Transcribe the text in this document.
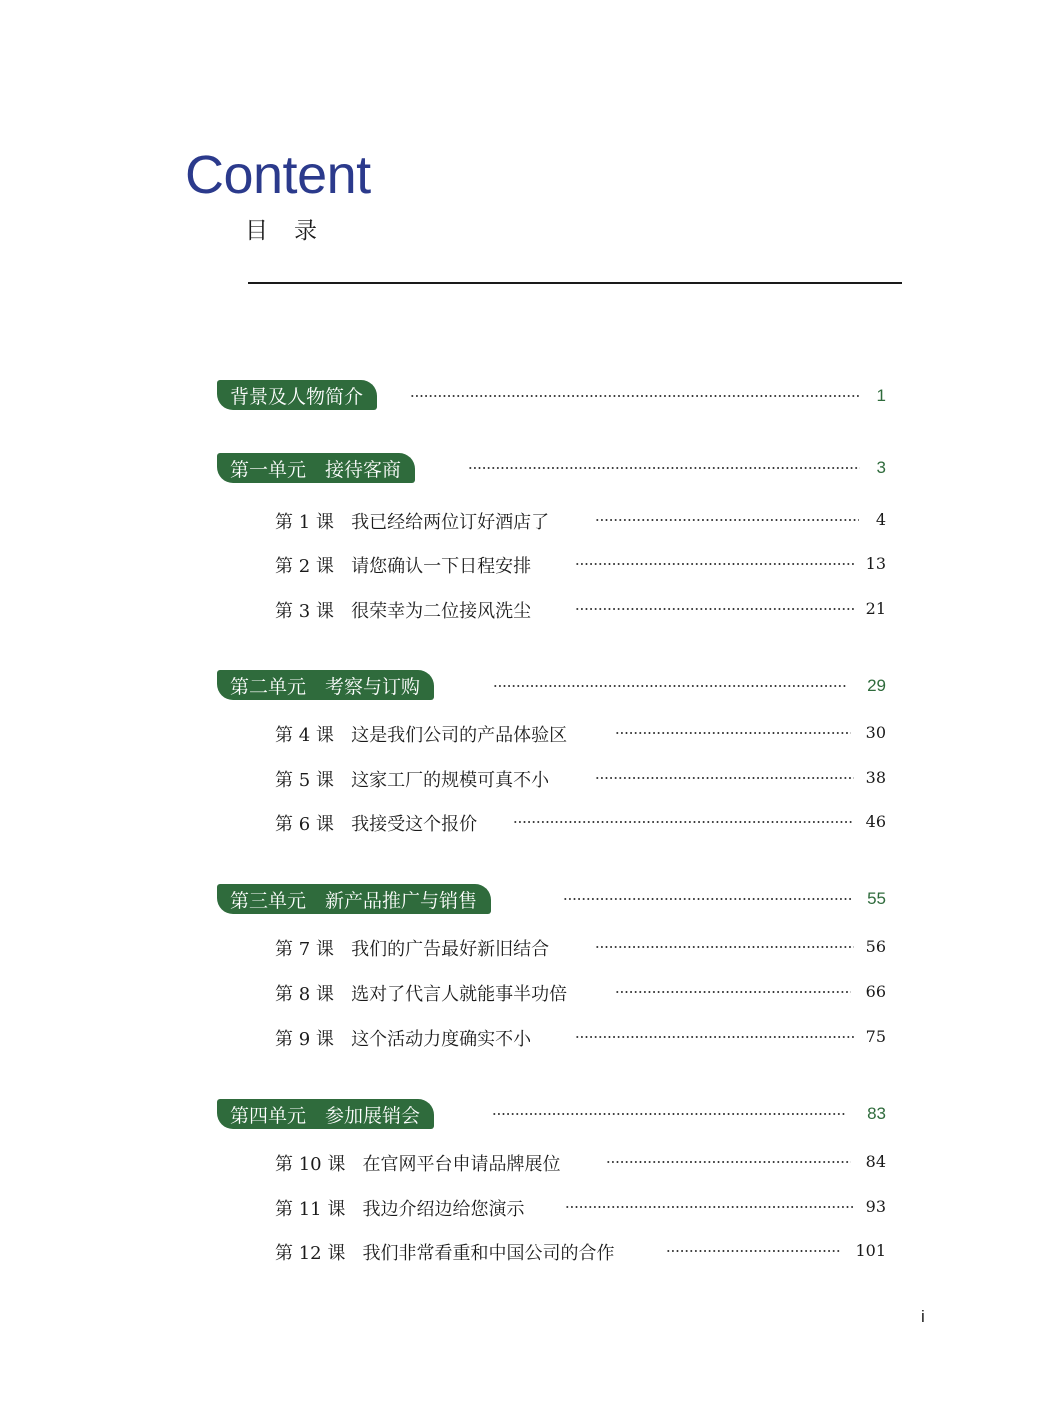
Content
目录
背景及人物简介	1
第一单元　接待客商	3
第 1 课 我已经给两位订好酒店了	4
第 2 课 请您确认一下日程安排	13
第 3 课 很荣幸为二位接风洗尘	21
第二单元　考察与订购	29
第 4 课 这是我们公司的产品体验区	30
第 5 课 这家工厂的规模可真不小	38
第 6 课 我接受这个报价	46
第三单元　新产品推广与销售	55
第 7 课 我们的广告最好新旧结合	56
第 8 课 选对了代言人就能事半功倍	66
第 9 课 这个活动力度确实不小	75
第四单元　参加展销会	83
第 10 课 在官网平台申请品牌展位	84
第 11 课 我边介绍边给您演示	93
第 12 课 我们非常看重和中国公司的合作	101
i
